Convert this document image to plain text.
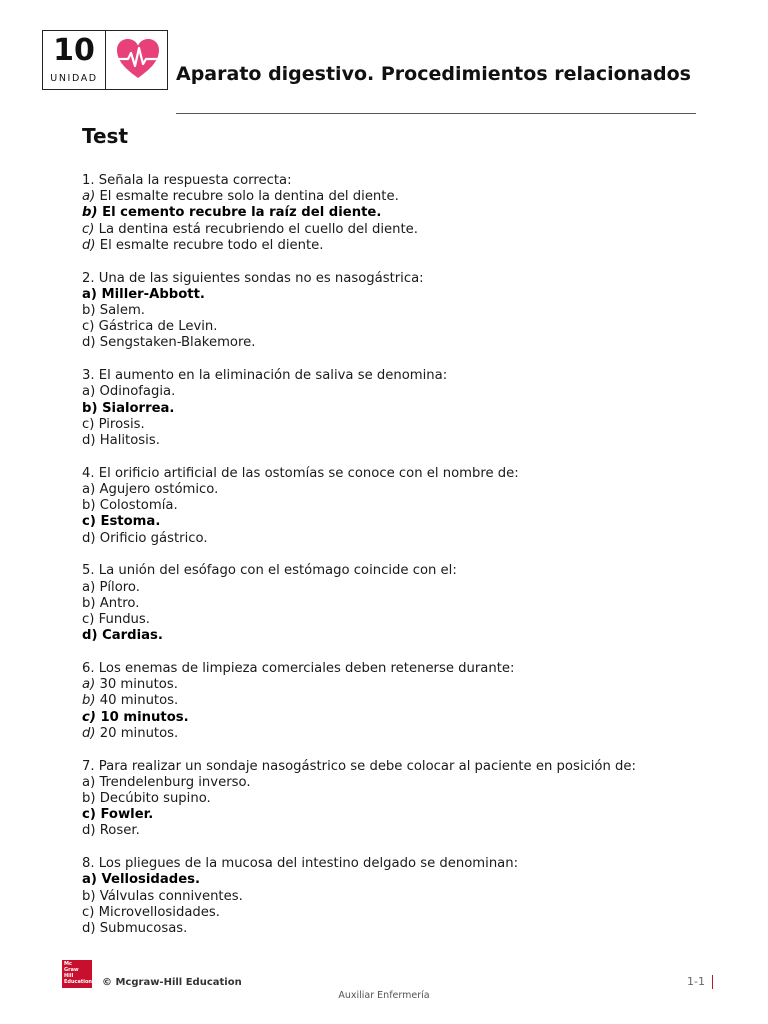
10
UNIDAD	Aparato digestivo. Procedimientos relacionados
Test
1. Señala la respuesta correcta:
a) El esmalte recubre solo la dentina del diente.
b) El cemento recubre la raíz del diente.
c) La dentina está recubriendo el cuello del diente.
d) El esmalte recubre todo el diente.
2. Una de las siguientes sondas no es nasogástrica:
a) Miller-Abbott.
b) Salem.
c) Gástrica de Levin.
d) Sengstaken-Blakemore.
3. El aumento en la eliminación de saliva se denomina:
a) Odinofagia.
b) Sialorrea.
c) Pirosis.
d) Halitosis.
4. El orificio artificial de las ostomías se conoce con el nombre de:
a) Agujero ostómico.
b) Colostomía.
c) Estoma.
d) Orificio gástrico.
5. La unión del esófago con el estómago coincide con el:
a) Píloro.
b) Antro.
c) Fundus.
d) Cardias.
6. Los enemas de limpieza comerciales deben retenerse durante:
a) 30 minutos.
b) 40 minutos.
c) 10 minutos.
d) 20 minutos.
7. Para realizar un sondaje nasogástrico se debe colocar al paciente en posición de:
a) Trendelenburg inverso.
b) Decúbito supino.
c) Fowler.
d) Roser.
8. Los pliegues de la mucosa del intestino delgado se denominan:
a) Vellosidades.
b) Válvulas conniventes.
c) Microvellosidades.
d) Submucosas.
Mc
Graw
Hill
Education © Mcgraw-Hill Education	1-1
Auxiliar Enfermería
